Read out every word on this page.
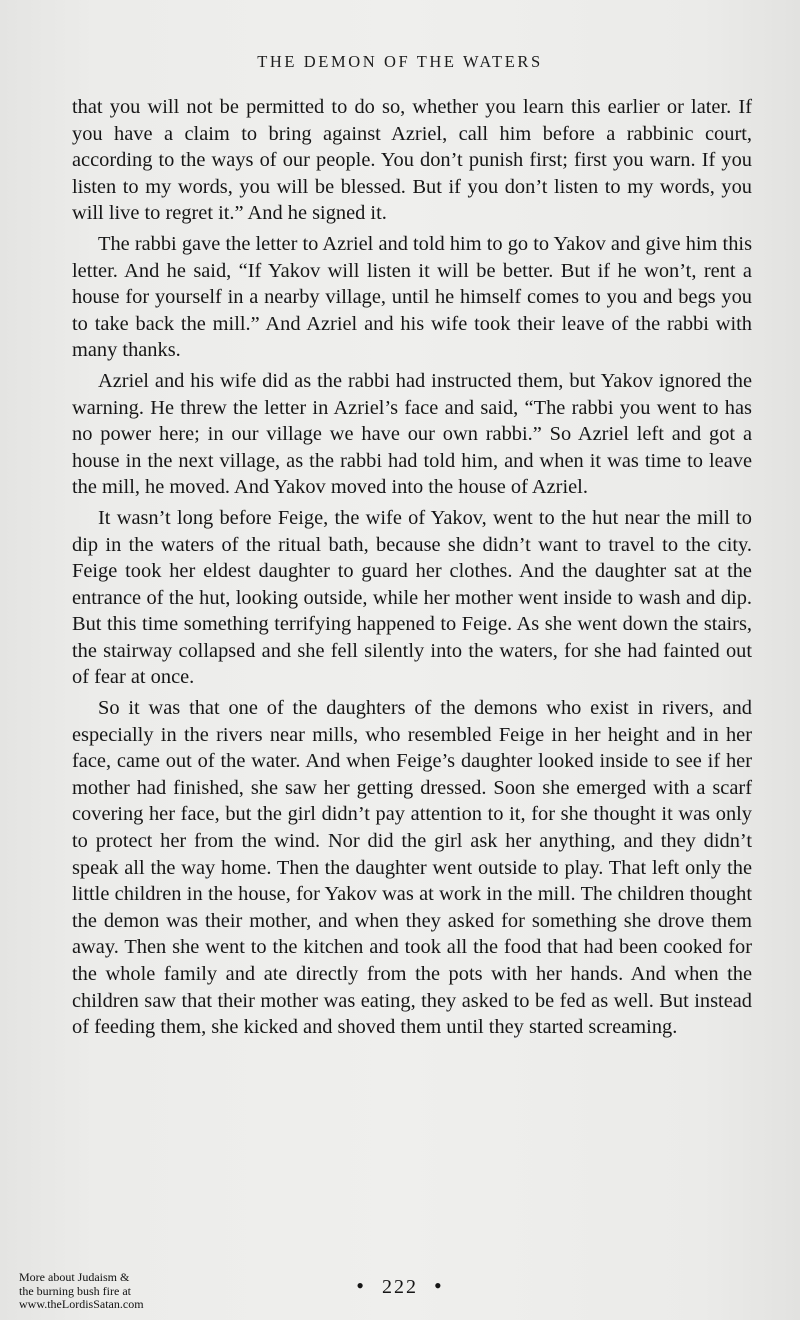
THE DEMON OF THE WATERS

that you will not be permitted to do so, whether you learn this earlier or later. If you have a claim to bring against Azriel, call him before a rabbinic court, according to the ways of our people. You don’t punish first; first you warn. If you listen to my words, you will be blessed. But if you don’t listen to my words, you will live to regret it.” And he signed it.

The rabbi gave the letter to Azriel and told him to go to Yakov and give him this letter. And he said, “If Yakov will listen it will be better. But if he won’t, rent a house for yourself in a nearby village, until he himself comes to you and begs you to take back the mill.” And Azriel and his wife took their leave of the rabbi with many thanks.

Azriel and his wife did as the rabbi had instructed them, but Yakov ignored the warning. He threw the letter in Azriel’s face and said, “The rabbi you went to has no power here; in our village we have our own rabbi.” So Azriel left and got a house in the next village, as the rabbi had told him, and when it was time to leave the mill, he moved. And Yakov moved into the house of Azriel.

It wasn’t long before Feige, the wife of Yakov, went to the hut near the mill to dip in the waters of the ritual bath, because she didn’t want to travel to the city. Feige took her eldest daughter to guard her clothes. And the daughter sat at the entrance of the hut, looking outside, while her mother went inside to wash and dip. But this time something terrifying happened to Feige. As she went down the stairs, the stairway collapsed and she fell silently into the waters, for she had fainted out of fear at once.

So it was that one of the daughters of the demons who exist in rivers, and especially in the rivers near mills, who resembled Feige in her height and in her face, came out of the water. And when Feige’s daughter looked inside to see if her mother had finished, she saw her getting dressed. Soon she emerged with a scarf covering her face, but the girl didn’t pay attention to it, for she thought it was only to protect her from the wind. Nor did the girl ask her anything, and they didn’t speak all the way home. Then the daughter went outside to play. That left only the little children in the house, for Yakov was at work in the mill. The children thought the demon was their mother, and when they asked for something she drove them away. Then she went to the kitchen and took all the food that had been cooked for the whole family and ate directly from the pots with her hands. And when the children saw that their mother was eating, they asked to be fed as well. But instead of feeding them, she kicked and shoved them until they started screaming.

• 222 •
More about Judaism &
the burning bush fire at
www.theLordisSatan.com
